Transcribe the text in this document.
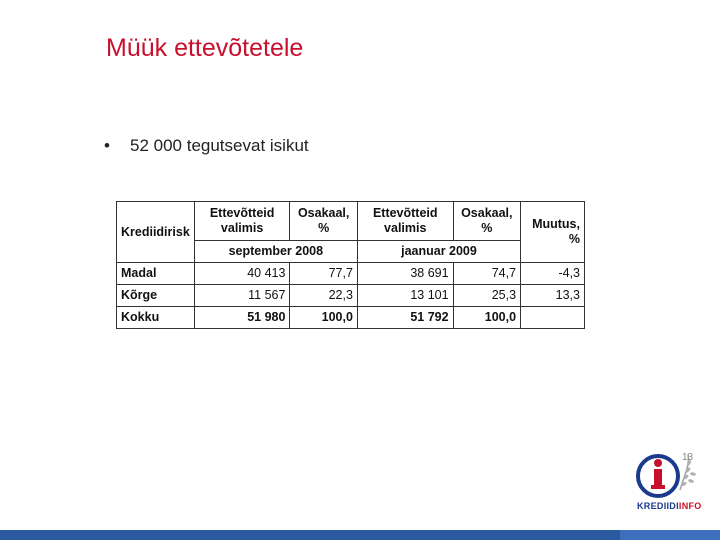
Müük ettevõtetele
• 52 000 tegutsevat isikut
Krediidirisk	Ettevõtteid valimis	Osakaal, %	Ettevõtteid valimis	Osakaal, %	Muutus, %
	september 2008		jaanuar 2009		
Madal	40 413	77,7	38 691	74,7	-4,3
Kõrge	11 567	22,3	13 101	25,3	13,3
Kokku	51 980	100,0	51 792	100,0	
13
KREDIIDIINFO
